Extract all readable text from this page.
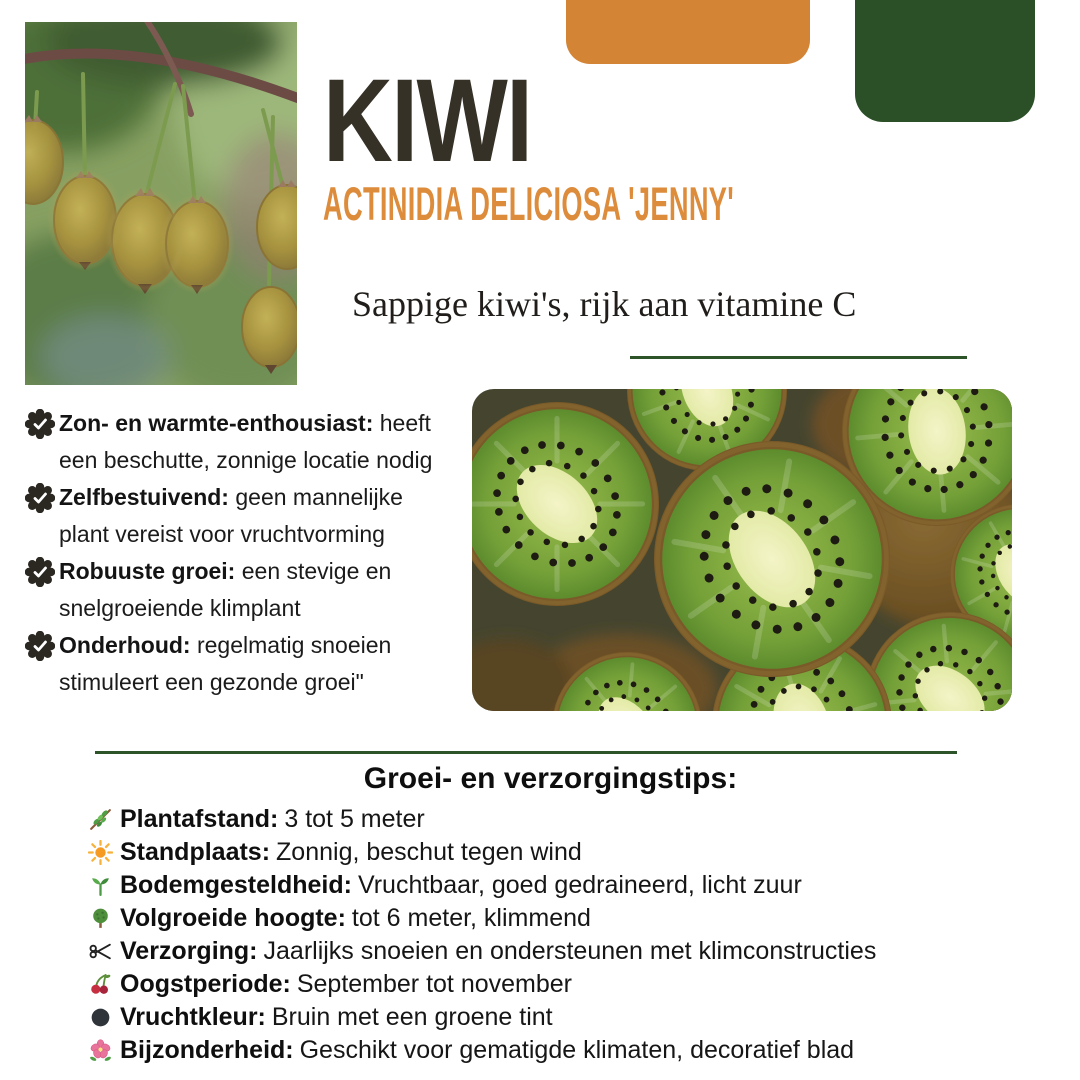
KIWI
ACTINIDIA DELICIOSA 'JENNY'
Sappige kiwi's, rijk aan vitamine C
Zon- en warmte-enthousiast: heeft een beschutte, zonnige locatie nodig
Zelfbestuivend: geen mannelijke plant vereist voor vruchtvorming
Robuuste groei: een stevige en snelgroeiende klimplant
Onderhoud: regelmatig snoeien stimuleert een gezonde groei"
Groei- en verzorgingstips:
Plantafstand: 3 tot 5 meter
Standplaats: Zonnig, beschut tegen wind
Bodemgesteldheid: Vruchtbaar, goed gedraineerd, licht zuur
Volgroeide hoogte: tot 6 meter, klimmend
Verzorging: Jaarlijks snoeien en ondersteunen met klimconstructies
Oogstperiode: September tot november
Vruchtkleur: Bruin met een groene tint
Bijzonderheid: Geschikt voor gematigde klimaten, decoratief blad
